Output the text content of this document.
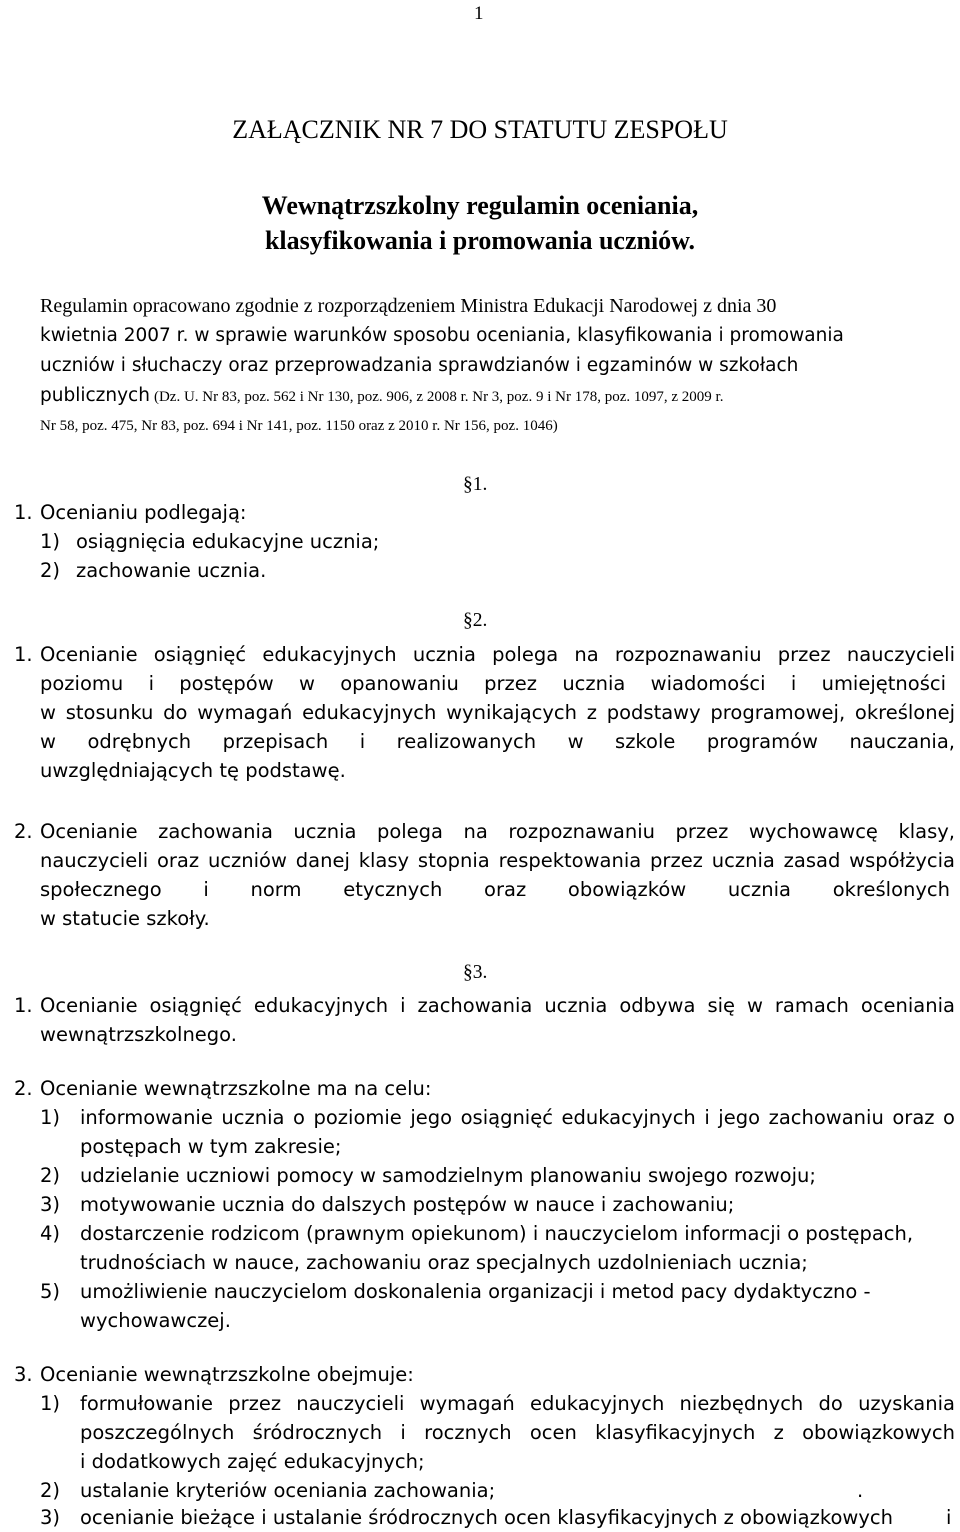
1
ZAŁĄCZNIK NR 7 DO STATUTU ZESPOŁU
Wewnątrzszkolny regulamin oceniania,
klasyfikowania i promowania uczniów.
Regulamin opracowano zgodnie z rozporządzeniem Ministra Edukacji Narodowej z dnia 30
kwietnia 2007 r. w sprawie warunków sposobu oceniania, klasyfikowania i promowania
uczniów i słuchaczy oraz przeprowadzania sprawdzianów i egzaminów w szkołach
publicznych (Dz. U. Nr 83, poz. 562 i Nr 130, poz. 906, z 2008 r. Nr 3, poz. 9 i Nr 178, poz. 1097, z 2009 r.
Nr 58, poz. 475, Nr 83, poz. 694 i Nr 141, poz. 1150 oraz z 2010 r. Nr 156, poz. 1046)
§1.
1. Ocenianiu podlegają:
1) osiągnięcia edukacyjne ucznia;
2) zachowanie ucznia.
§2.
1. Ocenianie osiągnięć edukacyjnych ucznia polega na rozpoznawaniu przez nauczycieli
poziomu i postępów w opanowaniu przez ucznia wiadomości i umiejętności
w stosunku do wymagań edukacyjnych wynikających z podstawy programowej, określonej
w odrębnych przepisach i realizowanych w szkole programów nauczania,
uwzględniających tę podstawę.
2. Ocenianie zachowania ucznia polega na rozpoznawaniu przez wychowawcę klasy,
nauczycieli oraz uczniów danej klasy stopnia respektowania przez ucznia zasad współżycia
społecznego i norm etycznych oraz obowiązków ucznia określonych
w statucie szkoły.
§3.
1. Ocenianie osiągnięć edukacyjnych i zachowania ucznia odbywa się w ramach oceniania
wewnątrzszkolnego.
2. Ocenianie wewnątrzszkolne ma na celu:
1) informowanie ucznia o poziomie jego osiągnięć edukacyjnych i jego zachowaniu oraz o
postępach w tym zakresie;
2) udzielanie uczniowi pomocy w samodzielnym planowaniu swojego rozwoju;
3) motywowanie ucznia do dalszych postępów w nauce i zachowaniu;
4) dostarczenie rodzicom (prawnym opiekunom) i nauczycielom informacji o postępach,
trudnościach w nauce, zachowaniu oraz specjalnych uzdolnieniach ucznia;
5) umożliwienie nauczycielom doskonalenia organizacji i metod pacy dydaktyczno -
wychowawczej.
3. Ocenianie wewnątrzszkolne obejmuje:
1) formułowanie przez nauczycieli wymagań edukacyjnych niezbędnych do uzyskania
poszczególnych śródrocznych i rocznych ocen klasyfikacyjnych z obowiązkowych
i dodatkowych zajęć edukacyjnych;
2) ustalanie kryteriów oceniania zachowania;	.
3) ocenianie bieżące i ustalanie śródrocznych ocen klasyfikacyjnych z obowiązkowych	i
